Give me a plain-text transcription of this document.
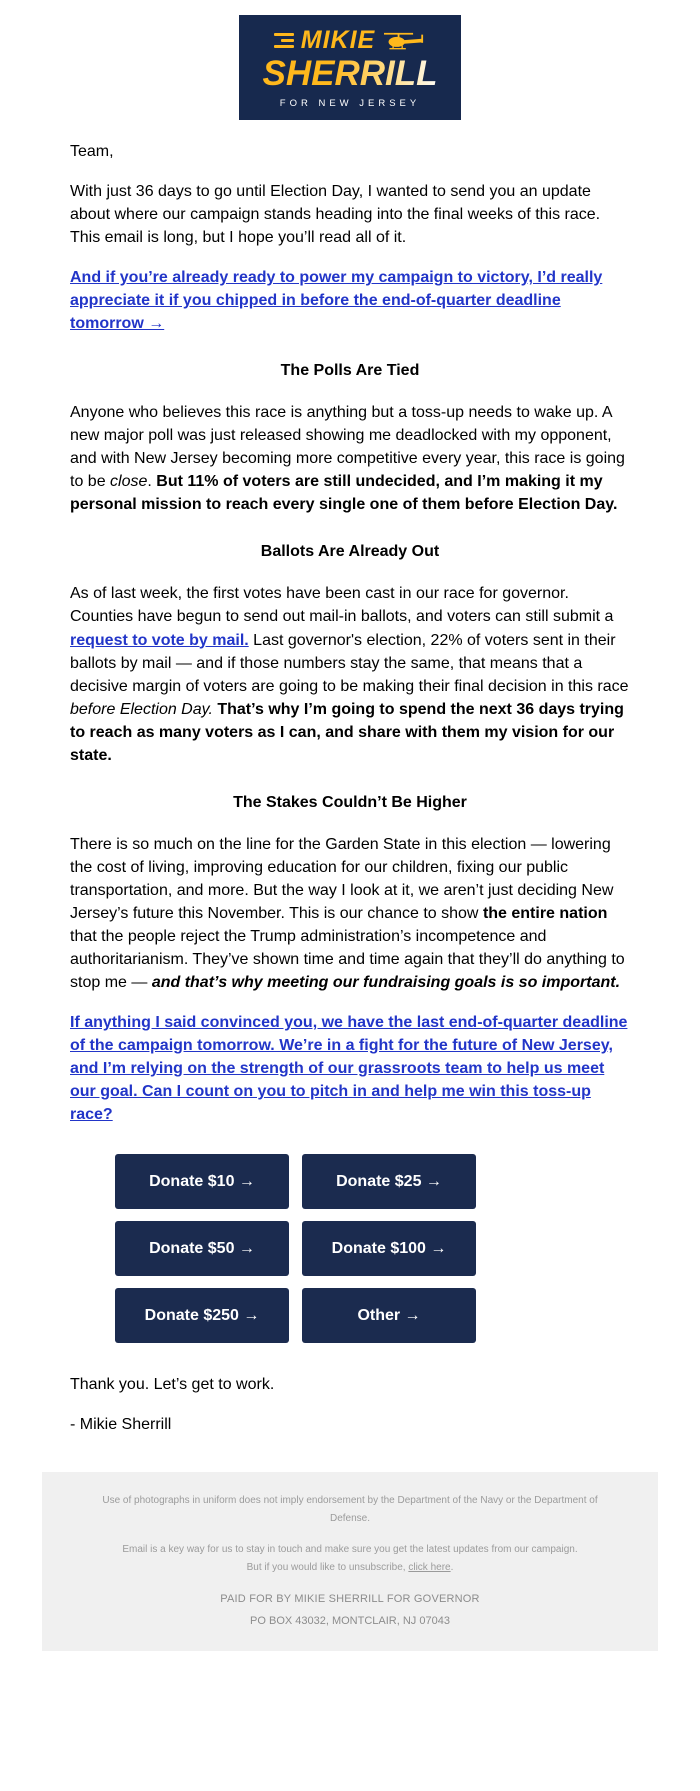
MIKIE
SHERRILL
FOR NEW JERSEY

Team,

With just 36 days to go until Election Day, I wanted to send you an update about where our campaign stands heading into the final weeks of this race. This email is long, but I hope you’ll read all of it.

And if you’re already ready to power my campaign to victory, I’d really appreciate it if you chipped in before the end-of-quarter deadline tomorrow →

The Polls Are Tied

Anyone who believes this race is anything but a toss-up needs to wake up. A new major poll was just released showing me deadlocked with my opponent, and with New Jersey becoming more competitive every year, this race is going to be close. But 11% of voters are still undecided, and I’m making it my personal mission to reach every single one of them before Election Day.

Ballots Are Already Out

As of last week, the first votes have been cast in our race for governor. Counties have begun to send out mail-in ballots, and voters can still submit a request to vote by mail. Last governor's election, 22% of voters sent in their ballots by mail — and if those numbers stay the same, that means that a decisive margin of voters are going to be making their final decision in this race before Election Day. That’s why I’m going to spend the next 36 days trying to reach as many voters as I can, and share with them my vision for our state.

The Stakes Couldn’t Be Higher

There is so much on the line for the Garden State in this election — lowering the cost of living, improving education for our children, fixing our public transportation, and more. But the way I look at it, we aren’t just deciding New Jersey’s future this November. This is our chance to show the entire nation that the people reject the Trump administration’s incompetence and authoritarianism. They’ve shown time and time again that they’ll do anything to stop me — and that’s why meeting our fundraising goals is so important.

If anything I said convinced you, we have the last end-of-quarter deadline of the campaign tomorrow. We’re in a fight for the future of New Jersey, and I’m relying on the strength of our grassroots team to help us meet our goal. Can I count on you to pitch in and help me win this toss-up race?

Donate $10 →	Donate $25 →
Donate $50 →	Donate $100 →
Donate $250 →	Other →

Thank you. Let’s get to work.

- Mikie Sherrill

Use of photographs in uniform does not imply endorsement by the Department of the Navy or the Department of Defense.

Email is a key way for us to stay in touch and make sure you get the latest updates from our campaign.
But if you would like to unsubscribe, click here.

PAID FOR BY MIKIE SHERRILL FOR GOVERNOR

PO BOX 43032, MONTCLAIR, NJ 07043
